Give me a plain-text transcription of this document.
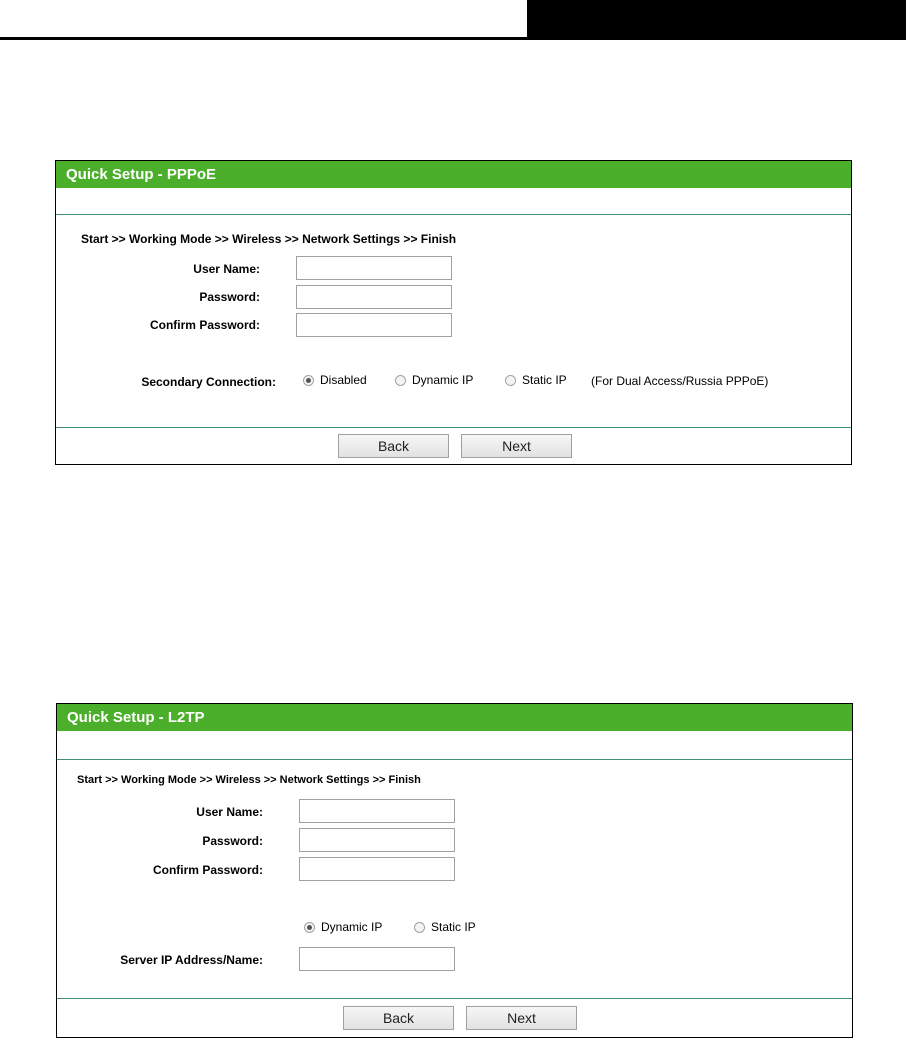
Quick Setup - PPPoE
Start >> Working Mode >> Wireless >> Network Settings >> Finish
User Name:
Password:
Confirm Password:
Secondary Connection:	Disabled	Dynamic IP	Static IP (For Dual Access/Russia PPPoE)
Back	Next
Quick Setup - L2TP
Start >> Working Mode >> Wireless >> Network Settings >> Finish
User Name:
Password:
Confirm Password:
Dynamic IP	Static IP
Server IP Address/Name:
Back	Next
